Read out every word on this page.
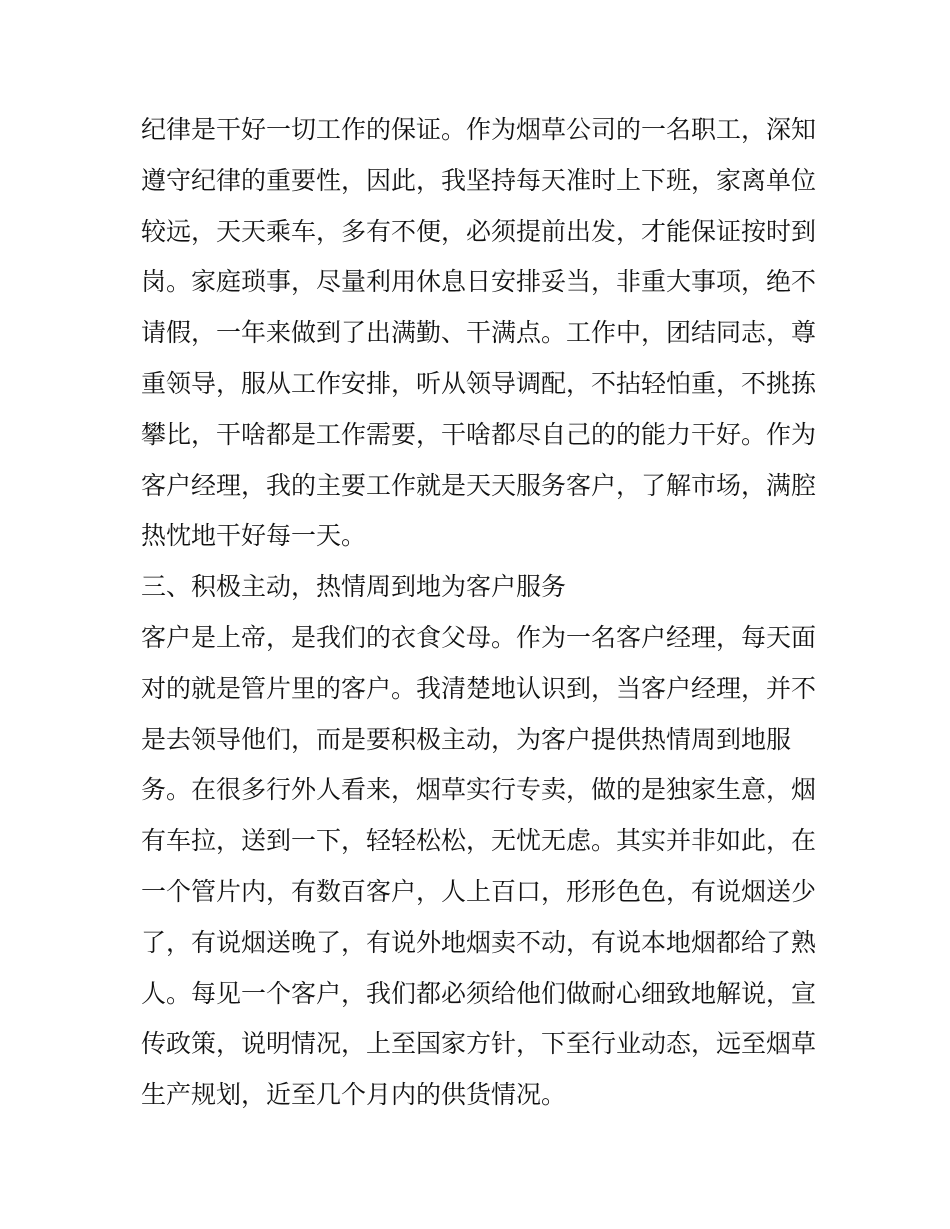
纪律是干好一切工作的保证。作为烟草公司的一名职工，深知
遵守纪律的重要性，因此，我坚持每天准时上下班，家离单位
较远，天天乘车，多有不便，必须提前出发，才能保证按时到
岗。家庭琐事，尽量利用休息日安排妥当，非重大事项，绝不
请假，一年来做到了出满勤、干满点。工作中，团结同志，尊
重领导，服从工作安排，听从领导调配，不拈轻怕重，不挑拣
攀比，干啥都是工作需要，干啥都尽自己的的能力干好。作为
客户经理，我的主要工作就是天天服务客户，了解市场，满腔
热忱地干好每一天。
三、积极主动，热情周到地为客户服务
客户是上帝，是我们的衣食父母。作为一名客户经理，每天面
对的就是管片里的客户。我清楚地认识到，当客户经理，并不
是去领导他们，而是要积极主动，为客户提供热情周到地服
务。在很多行外人看来，烟草实行专卖，做的是独家生意，烟
有车拉，送到一下，轻轻松松，无忧无虑。其实并非如此，在
一个管片内，有数百客户，人上百口，形形色色，有说烟送少
了，有说烟送晚了，有说外地烟卖不动，有说本地烟都给了熟
人。每见一个客户，我们都必须给他们做耐心细致地解说，宣
传政策，说明情况，上至国家方针，下至行业动态，远至烟草
生产规划，近至几个月内的供货情况。
